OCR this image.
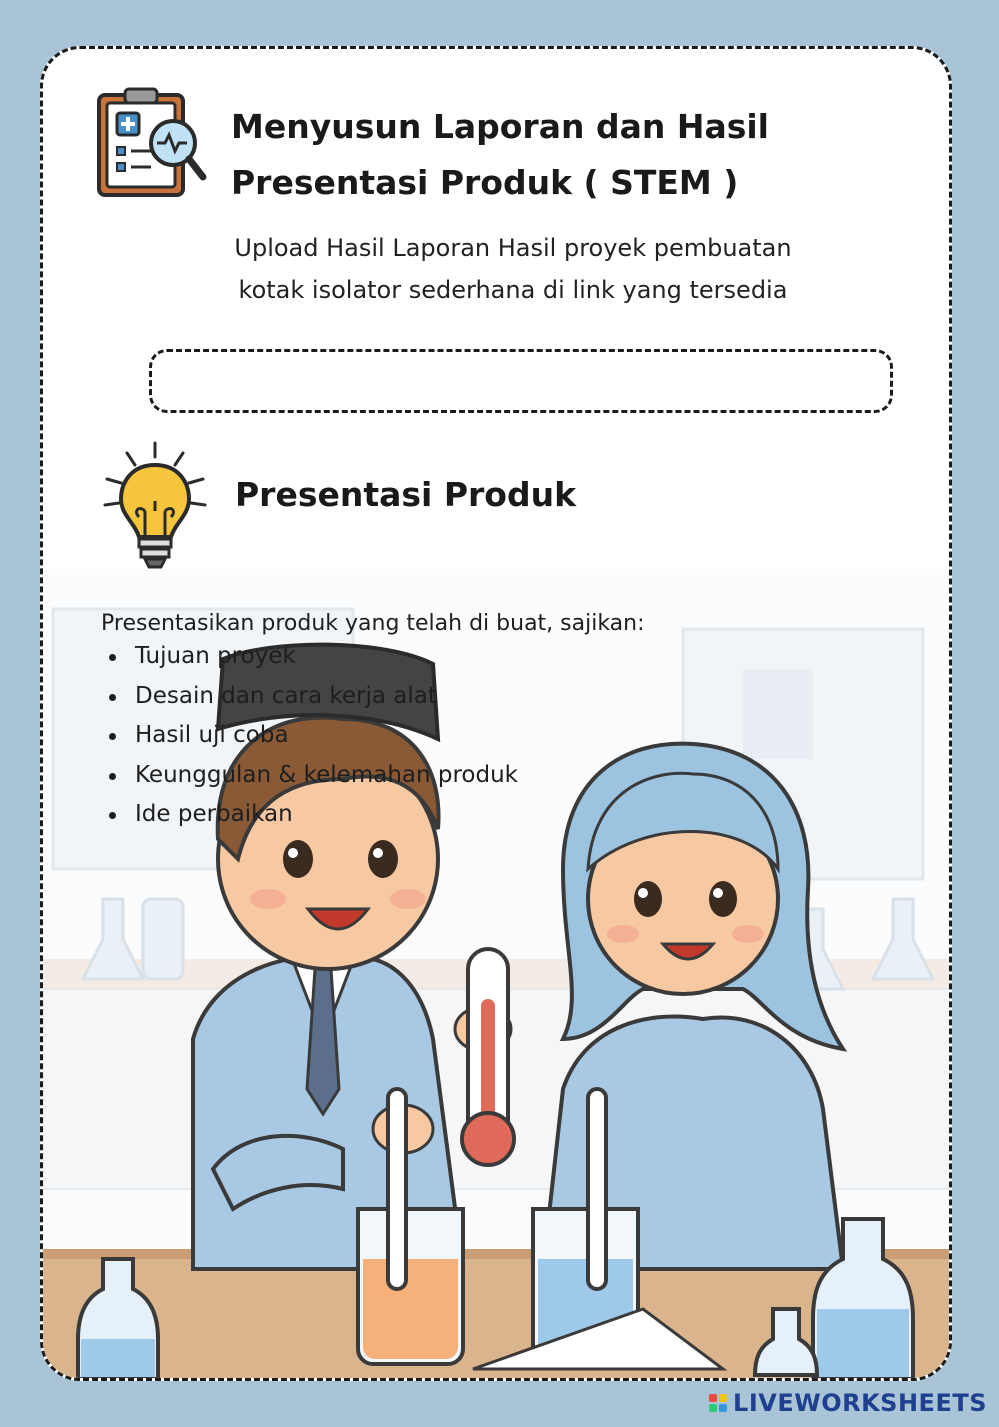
Menyusun Laporan dan Hasil
Presentasi Produk ( STEM )
Upload Hasil Laporan Hasil proyek pembuatan
kotak isolator sederhana di link yang tersedia
Presentasi Produk

Presentasikan produk yang telah di buat, sajikan:

Tujuan proyek
Desain dan cara kerja alat
Hasil uji coba
Keunggulan & kelemahan produk
Ide perbaikan
LIVEWORKSHEETS
